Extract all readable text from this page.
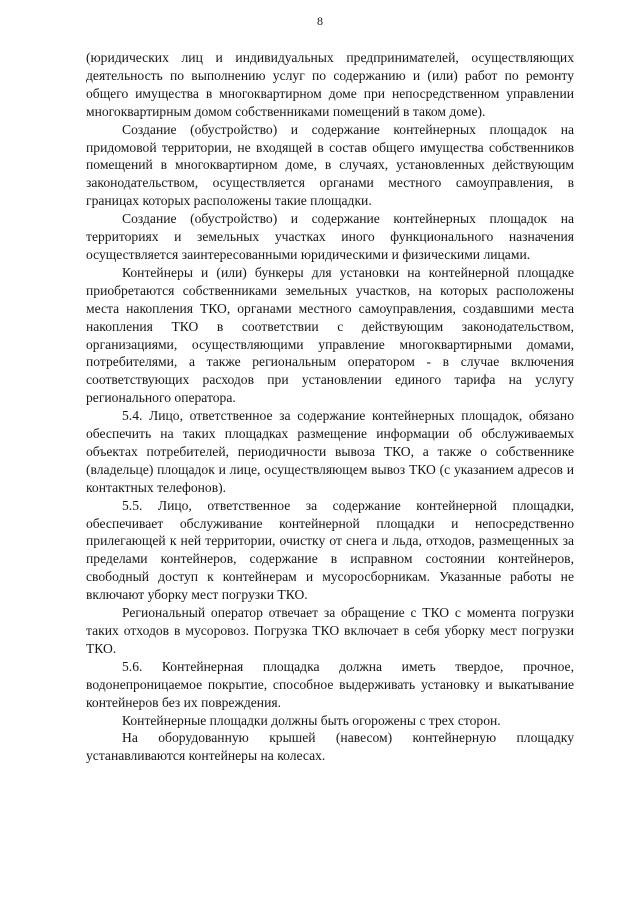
8

(юридических лиц и индивидуальных предпринимателей, осуществляющих деятельность по выполнению услуг по содержанию и (или) работ по ремонту общего имущества в многоквартирном доме при непосредственном управлении многоквартирным домом собственниками помещений в таком доме).

Создание (обустройство) и содержание контейнерных площадок на придомовой территории, не входящей в состав общего имущества собственников помещений в многоквартирном доме, в случаях, установленных действующим законодательством, осуществляется органами местного самоуправления, в границах которых расположены такие площадки.

Создание (обустройство) и содержание контейнерных площадок на территориях и земельных участках иного функционального назначения осуществляется заинтересованными юридическими и физическими лицами.

Контейнеры и (или) бункеры для установки на контейнерной площадке приобретаются собственниками земельных участков, на которых расположены места накопления ТКО, органами местного самоуправления, создавшими места накопления ТКО в соответствии с действующим законодательством, организациями, осуществляющими управление многоквартирными домами, потребителями, а также региональным оператором - в случае включения соответствующих расходов при установлении единого тарифа на услугу регионального оператора.

5.4. Лицо, ответственное за содержание контейнерных площадок, обязано обеспечить на таких площадках размещение информации об обслуживаемых объектах потребителей, периодичности вывоза ТКО, а также о собственнике (владельце) площадок и лице, осуществляющем вывоз ТКО (с указанием адресов и контактных телефонов).

5.5. Лицо, ответственное за содержание контейнерной площадки, обеспечивает обслуживание контейнерной площадки и непосредственно прилегающей к ней территории, очистку от снега и льда, отходов, размещенных за пределами контейнеров, содержание в исправном состоянии контейнеров, свободный доступ к контейнерам и мусоросборникам. Указанные работы не включают уборку мест погрузки ТКО.

Региональный оператор отвечает за обращение с ТКО с момента погрузки таких отходов в мусоровоз. Погрузка ТКО включает в себя уборку мест погрузки ТКО.

5.6. Контейнерная площадка должна иметь твердое, прочное, водонепроницаемое покрытие, способное выдерживать установку и выкатывание контейнеров без их повреждения.

Контейнерные площадки должны быть огорожены с трех сторон.

На оборудованную крышей (навесом) контейнерную площадку устанавливаются контейнеры на колесах.
